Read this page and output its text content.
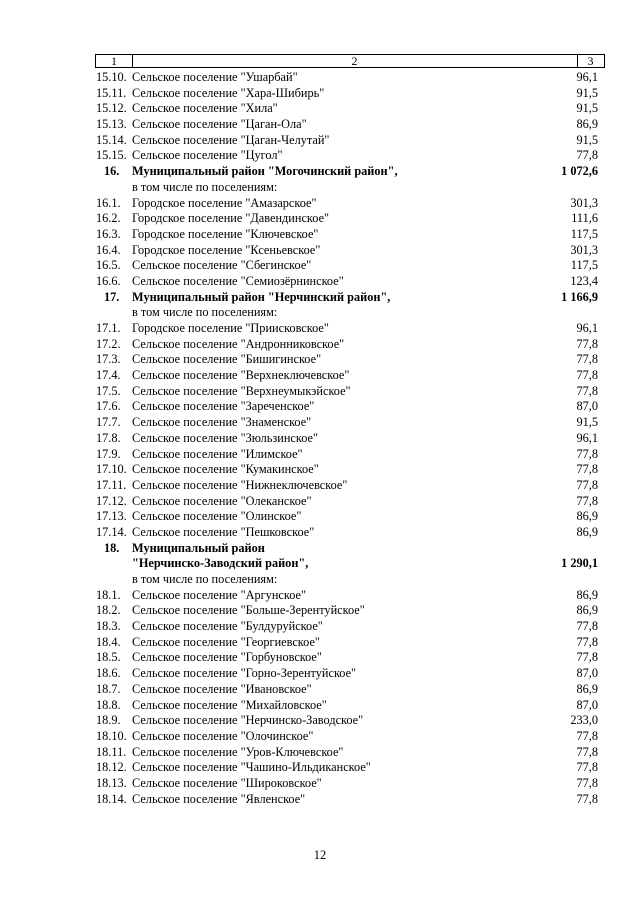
1	2	3
15.10. Сельское поселение "Ушарбай"	96,1
15.11. Сельское поселение "Хара-Шибирь"	91,5
15.12. Сельское поселение "Хила"	91,5
15.13. Сельское поселение "Цаган-Ола"	86,9
15.14. Сельское поселение "Цаган-Челутай"	91,5
15.15. Сельское поселение "Цугол"	77,8
16.	Муниципальный район "Могочинский район",	1 072,6
в том числе по поселениям:
16.1. Городское поселение "Амазарское"	301,3
16.2. Городское поселение "Давендинское"	111,6
16.3. Городское поселение "Ключевское"	117,5
16.4. Городское поселение "Ксеньевское"	301,3
16.5. Сельское поселение "Сбегинское"	117,5
16.6. Сельское поселение "Семиозёрнинское"	123,4
17.	Муниципальный район "Нерчинский район",	1 166,9
в том числе по поселениям:
17.1. Городское поселение "Приисковское"	96,1
17.2. Сельское поселение "Андронниковское"	77,8
17.3. Сельское поселение "Бишигинское"	77,8
17.4. Сельское поселение "Верхнеключевское"	77,8
17.5. Сельское поселение "Верхнеумыкэйское"	77,8
17.6. Сельское поселение "Зареченское"	87,0
17.7. Сельское поселение "Знаменское"	91,5
17.8. Сельское поселение "Зюльзинское"	96,1
17.9. Сельское поселение "Илимское"	77,8
17.10. Сельское поселение "Кумакинское"	77,8
17.11. Сельское поселение "Нижнеключевское"	77,8
17.12. Сельское поселение "Олеканское"	77,8
17.13. Сельское поселение "Олинское"	86,9
17.14. Сельское поселение "Пешковское"	86,9
18.	Муниципальный район
"Нерчинско-Заводский район",	1 290,1
в том числе по поселениям:
18.1. Сельское поселение "Аргунское"	86,9
18.2. Сельское поселение "Больше-Зерентуйское"	86,9
18.3. Сельское поселение "Булдуруйское"	77,8
18.4. Сельское поселение "Георгиевское"	77,8
18.5. Сельское поселение "Горбуновское"	77,8
18.6. Сельское поселение "Горно-Зерентуйское"	87,0
18.7. Сельское поселение "Ивановское"	86,9
18.8. Сельское поселение "Михайловское"	87,0
18.9. Сельское поселение "Нерчинско-Заводское"	233,0
18.10. Сельское поселение "Олочинское"	77,8
18.11. Сельское поселение "Уров-Ключевское"	77,8
18.12. Сельское поселение "Чашино-Ильдиканское"	77,8
18.13. Сельское поселение "Широковское"	77,8
18.14. Сельское поселение "Явленское"	77,8
12
